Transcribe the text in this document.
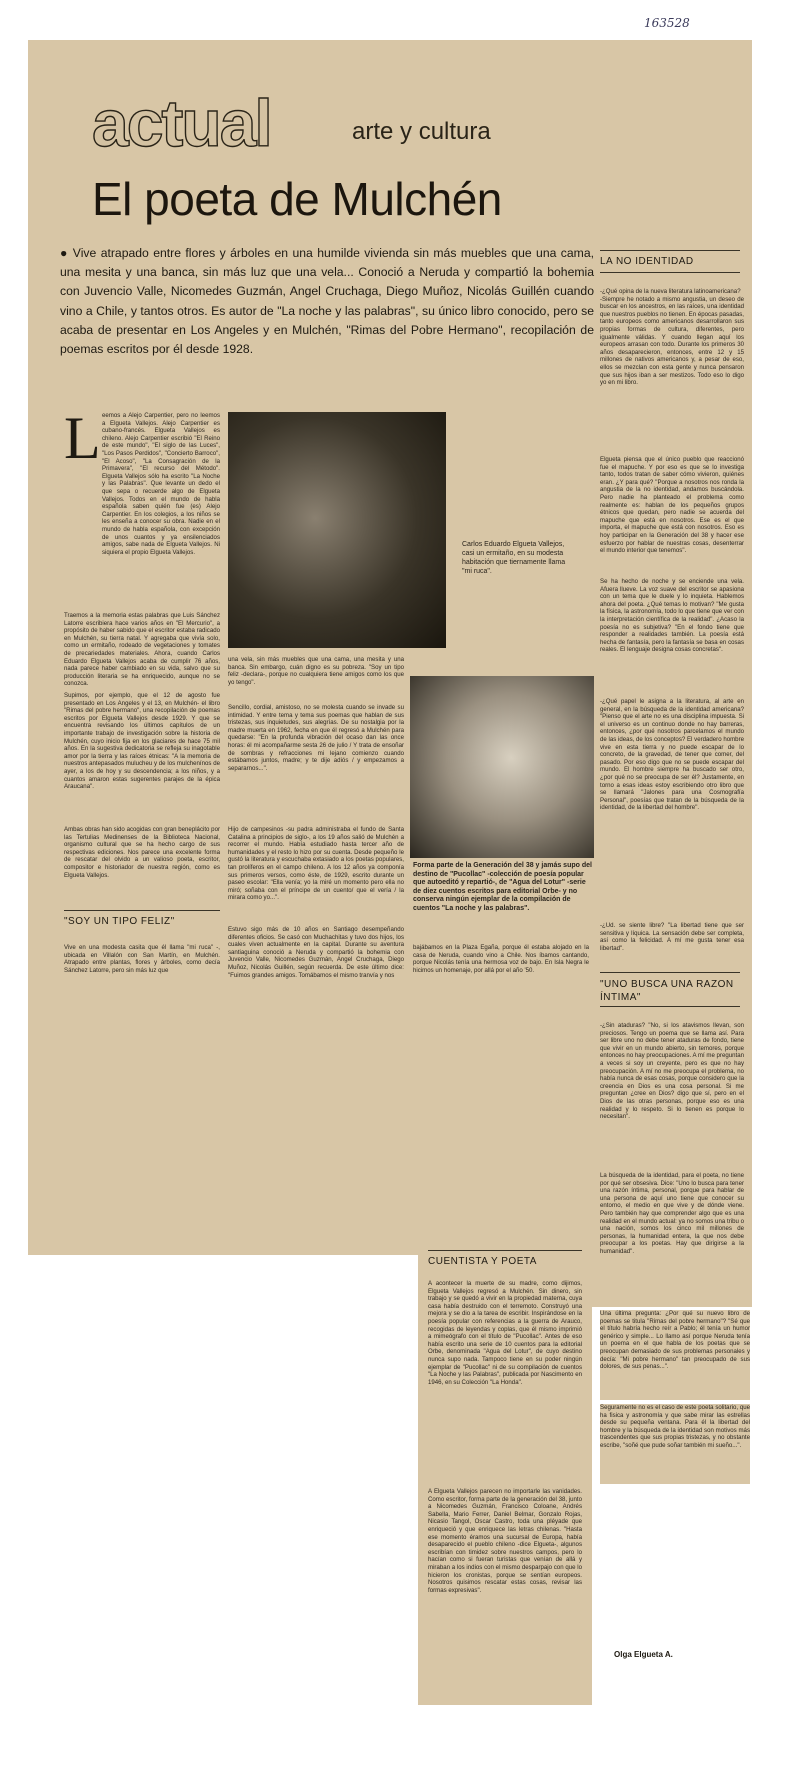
163528
actual	arte y cultura
El poeta de Mulchén
● Vive atrapado entre flores y árboles en una humilde vivienda sin más muebles que una cama, una mesita y una banca, sin más luz que una vela... Conoció a Neruda y compartió la bohemia con Juvencio Valle, Nicomedes Guzmán, Angel Cruchaga, Diego Muñoz, Nicolás Guillén cuando vino a Chile, y tantos otros. Es autor de "La noche y las palabras", su único libro conocido, pero se acaba de presentar en Los Angeles y en Mulchén, "Rimas del Pobre Hermano", recopilación de poemas escritos por él desde 1928.
L eemos a Alejo Carpentier, pero no leemos a Elgueta Vallejos. Alejo Carpentier es cubano-francés. Elgueta Vallejos es chileno. Alejo Carpentier escribió "El Reino de este mundo", "El siglo de las Luces", "Los Pasos Perdidos", "Concierto Barroco", "El Acoso", "La Consagración de la Primavera", "El recurso del Método". Elgueta Vallejos sólo ha escrito "La Noche y las Palabras". Que levante un dedo el que sepa o recuerde algo de Elgueta Vallejos. Todos en el mundo de habla española saben quién fue (es) Alejo Carpentier. En los colegios, a los niños se les enseña a conocer su obra. Nadie en el mundo de habla española, con excepción de unos cuantos y ya ensilenciados amigos, sabe nada de Elgueta Vallejos. Ni siquiera el propio Elgueta Vallejos.
Traemos a la memoria estas palabras que Luis Sánchez Latorre escribiera hace varios años en "El Mercurio", a propósito de haber sabido que el escritor estaba radicado en Mulchén, su tierra natal. Y agregaba que vivía solo, como un ermitaño, rodeado de vegetaciones y tomates de precariedades materiales. Ahora, cuando Carlos Eduardo Elgueta Vallejos acaba de cumplir 76 años, nada parece haber cambiado en su vida, salvo que su producción literaria se ha enriquecido, aunque no se conozca.
Supimos, por ejemplo, que el 12 de agosto fue presentado en Los Angeles y el 13, en Mulchén- el libro "Rimas del pobre hermano", una recopilación de poemas escritos por Elgueta Vallejos desde 1929. Y que se encuentra revisando los últimos capítulos de un importante trabajo de investigación sobre la historia de Mulchén, cuyo inicio fija en los glaciares de hace 75 mil años. En la sugestiva dedicatoria se refleja su inagotable amor por la tierra y las raíces étnicas: "A la memoria de nuestros antepasados mulucheu y de los mulchenínos de ayer, a los de hoy y su descendencia; a los niños, y a cuantos amaron estas sugerentes parajes de la épica Araucana".
Ambas obras han sido acogidas con gran beneplácito por las Tertulias Medinenses de la Biblioteca Nacional, organismo cultural que se ha hecho cargo de sus respectivas ediciones. Nos parece una excelente forma de rescatar del olvido a un valioso poeta, escritor, compositor e historiador de nuestra región, como es Elgueta Vallejos.
"SOY UN TIPO FELIZ"
Vive en una modesta casita que él llama "mi ruca" -, ubicada en Villalón con San Martín, en Mulchén. Atrapado entre plantas, flores y árboles, como decía Sánchez Latorre, pero sin más luz que
Carlos Eduardo Elgueta Vallejos, casi un ermitaño, en su modesta habitación que tiernamente llama "mi ruca".
una vela, sin más muebles que una cama, una mesita y una banca. Sin embargo, cuán digno es su pobreza. "Soy un tipo feliz -declara-, porque no cualquiera tiene amigos como los que yo tengo".
Sencillo, cordial, amistoso, no se molesta cuando se invade su intimidad. Y entre tema y tema sus poemas que hablan de sus tristezas, sus inquietudes, sus alegrías. De su nostalgia por la madre muerta en 1962, fecha en que él regresó a Mulchén para quedarse: "En la profunda vibración del ocaso dan las once horas: él mi acompañarme sesta 26 de julio / Y trata de ensoñar de sombras y refracciones mi lejano comienzo cuando estábamos juntos, madre; y te dije adiós / y empezamos a separarnos...".
Hijo de campesinos -su padra administraba el fundo de Santa Catalina a principios de siglo-, a los 19 años salió de Mulchén a recorrer el mundo. Había estudiado hasta tercer año de humanidades y el resto lo hizo por su cuenta. Desde pequeño le gustó la literatura y escuchaba extasiado a los poetas populares, tan prolíferos en el campo chileno. A los 12 años ya componía sus primeros versos, como éste, de 1929, escrito durante un paseo escolar: "Ella venía; yo la miré un momento pero ella no miró; soñaba con el príncipe de un cuento/ que el vería / la mirara como yo...".
Estuvo sigo más de 10 años en Santiago desempeñando diferentes oficios. Se casó con Muchachitas y tuvo dos hijos, los cuales viven actualmente en la capital. Durante su aventura santiaguina conoció a Neruda y compartió la bohemia con Juvencio Valle, Nicomedes Guzmán, Angel Cruchaga, Diego Muñoz, Nicolás Guillén, según recuerda. De este último dice: "Fuimos grandes amigos. Tomábamos el mismo tranvía y nos
Forma parte de la Generación del 38 y jamás supo del destino de "Pucollac" -colección de poesía popular que autoeditó y repartió-, de "Agua del Lotur" -serie de diez cuentos escritos para editorial Orbe- y no conserva ningún ejemplar de la compilación de cuentos "La noche y las palabras".
bajábamos en la Plaza Egaña, porque él estaba alojado en la casa de Neruda, cuando vino a Chile. Nos íbamos cantando, porque Nicolás tenía una hermosa voz de bajo. En Isla Negra le hicimos un homenaje, por allá por el año '50.
LA NO IDENTIDAD
-¿Qué opina de la nueva literatura latinoamericana?
-Siempre he notado a mismo angustia, un deseo de buscar en los ancestros, en las raíces, una identidad que nuestros pueblos no tienen. En épocas pasadas, tanto europeos como americanos desarrollaron sus propias formas de cultura, diferentes, pero igualmente válidas. Y cuando llegan aquí los europeos arrasan con todo. Durante los primeros 30 años desaparecieron, entonces, entre 12 y 15 millones de nativos americanos y, a pesar de eso, ellos se mezclan con esta gente y nunca pensaron que sus hijos iban a ser mestizos. Todo eso lo digo yo en mi libro.
Elgueta piensa que el único pueblo que reaccionó fue el mapuche. Y por eso es que se lo investiga tanto, todos tratan de saber cómo vivieron, quiénes eran. ¿Y para qué? "Porque a nosotros nos ronda la angustia de la no identidad, andamos buscándola. Pero nadie ha planteado el problema como realmente es: hablan de los pequeños grupos étnicos que quedan, pero nadie se acuerda del mapuche que está en nosotros. Ese es el que importa, el mapuche que está con nosotros. Eso es hoy participar en la Generación del 38 y hacer ese esfuerzo por hablar de nuestras cosas, desenterrar el mundo interior que tenemos".
Se ha hecho de noche y se enciende una vela. Afuera llueve. La voz suave del escritor se apasiona con un tema que le duele y lo inquieta. Hablemos ahora del poeta. ¿Qué temas lo motivan? "Me gusta la física, la astronomía, todo lo que tiene que ver con la interpretación científica de la realidad". ¿Acaso la poesía no es subjetiva? "En el fondo tiene que responder a realidades también. La poesía está hecha de fantasía, pero la fantasía se basa en cosas reales. El lenguaje designa cosas concretas".
-¿Qué papel le asigna a la literatura, al arte en general, en la búsqueda de la identidad americana? "Pienso que el arte no es una disciplina impuesta. Si el universo es un continuo donde no hay barreras, entonces, ¿por qué nosotros parcelamos el mundo de las ideas, de los conceptos? El verdadero hombre vive en esta tierra y no puede escapar de lo concreto, de la gravedad, de tener que comer, del pasado. Por eso digo que no se puede escapar del mundo. El hombre siempre ha buscado ser otro, ¿por qué no se preocupa de ser él? Justamente, en torno a esas ideas estoy escribiendo otro libro que se llamará "Jalones para una Cosmografía Personal", poesías que tratan de la búsqueda de la identidad, de la libertad del hombre".
-¿Ud. se siente libre? "La libertad tiene que ser sensitiva y líquica. La sensación debe ser completa, así como la felicidad. A mí me gusta tener esa libertad".
"UNO BUSCA UNA RAZON ÍNTIMA"
-¿Sin ataduras? "No, si los atavismos llevan, son preciosos. Tengo un poema que se llama así. Para ser libre uno no debe tener ataduras de fondo, tiene que vivir en un mundo abierto, sin temores, porque entonces no hay preocupaciones. A mí me preguntan a veces si soy un creyente, pero es que no hay preocupación. A mí no me preocupa el problema, no había nunca de esas cosas, porque considero que la creencia en Dios es una cosa personal. Si me preguntan ¿cree en Dios? digo que sí, pero en el Dios de las otras personas, porque eso es una realidad y lo respeto. Si lo tienen es porque lo necesitan".
La búsqueda de la identidad, para el poeta, no tiene por qué ser obsesiva. Dice: "Uno lo busca para tener una razón íntima, personal, porque para hablar de una persona de aquí uno tiene que conocer su entorno, el medio en que vive y de dónde viene. Pero también hay que comprender algo que es una realidad en el mundo actual: ya no somos una tribu o una nación, somos los cinco mil millones de personas, la humanidad entera, la que nos debe preocupar a los poetas. Hay que dirigirse a la humanidad".
Una última pregunta: ¿Por qué su nuevo libro de poemas se titula "Rimas del pobre hermano"? "Sé que el título habría hecho reír a Pablo; él tenía un humor genérico y simple... Lo llamo así porque Neruda tenía un poema en el que habla de los poetas que se preocupan demasiado de sus problemas personales y decía: "Mi pobre hermano" tan preocupado de sus dolores, de sus penas...".
Seguramente no es el caso de este poeta solitario, que ha fisica y astronomía y que sabe mirar las estrellas desde su pequeña ventana. Para él la libertad del hombre y la búsqueda de la identidad son motivos más trascendentes que sus propias tristezas, y no obstante escribe, "soñé que pude soñar también mi sueño...".
Olga Elgueta A.
CUENTISTA Y POETA
A acontecer la muerte de su madre, como dijimos, Elgueta Vallejos regresó a Mulchén. Sin dinero, sin trabajo y se quedó a vivir en la propiedad materna, cuya casa había destruido con el terremoto. Construyó una mejora y se dio a la tarea de escribir. Inspirándose en la poesía popular con referencias a la guerra de Arauco, recogidas de leyendas y coplas, que él mismo imprimió a mimeógrafo con el título de "Pucollac". Antes de eso había escrito una serie de 10 cuentos para la editorial Orbe, denominada "Agua del Lotur", de cuyo destino nunca supo nada. Tampoco tiene en su poder ningún ejemplar de "Pucollac" ni de su compilación de cuentos "La Noche y las Palabras", publicada por Nascimento en 1946, en su Colección "La Honda".
A Elgueta Vallejos parecen no importarle las vanidades. Como escritor, forma parte de la generación del 38, junto a Nicomedes Guzmán, Francisco Coloane, Andrés Sabella, Mario Ferrer, Daniel Belmar, Gonzalo Rojas, Nicasio Tangol, Oscar Castro, toda una pléyade que enriqueció y que enriquece las letras chilenas. "Hasta ese momento éramos una sucursal de Europa, había desaparecido el pueblo chileno -dice Elgueta-, algunos escribían con timidez sobre nuestros campos, pero lo hacían como si fueran turistas que venían de allá y miraban a los indios con el mismo desparpajo con que lo hicieron los cronistas, porque se sentían europeos. Nosotros quisimos rescatar estas cosas, revisar las formas expresivas".
